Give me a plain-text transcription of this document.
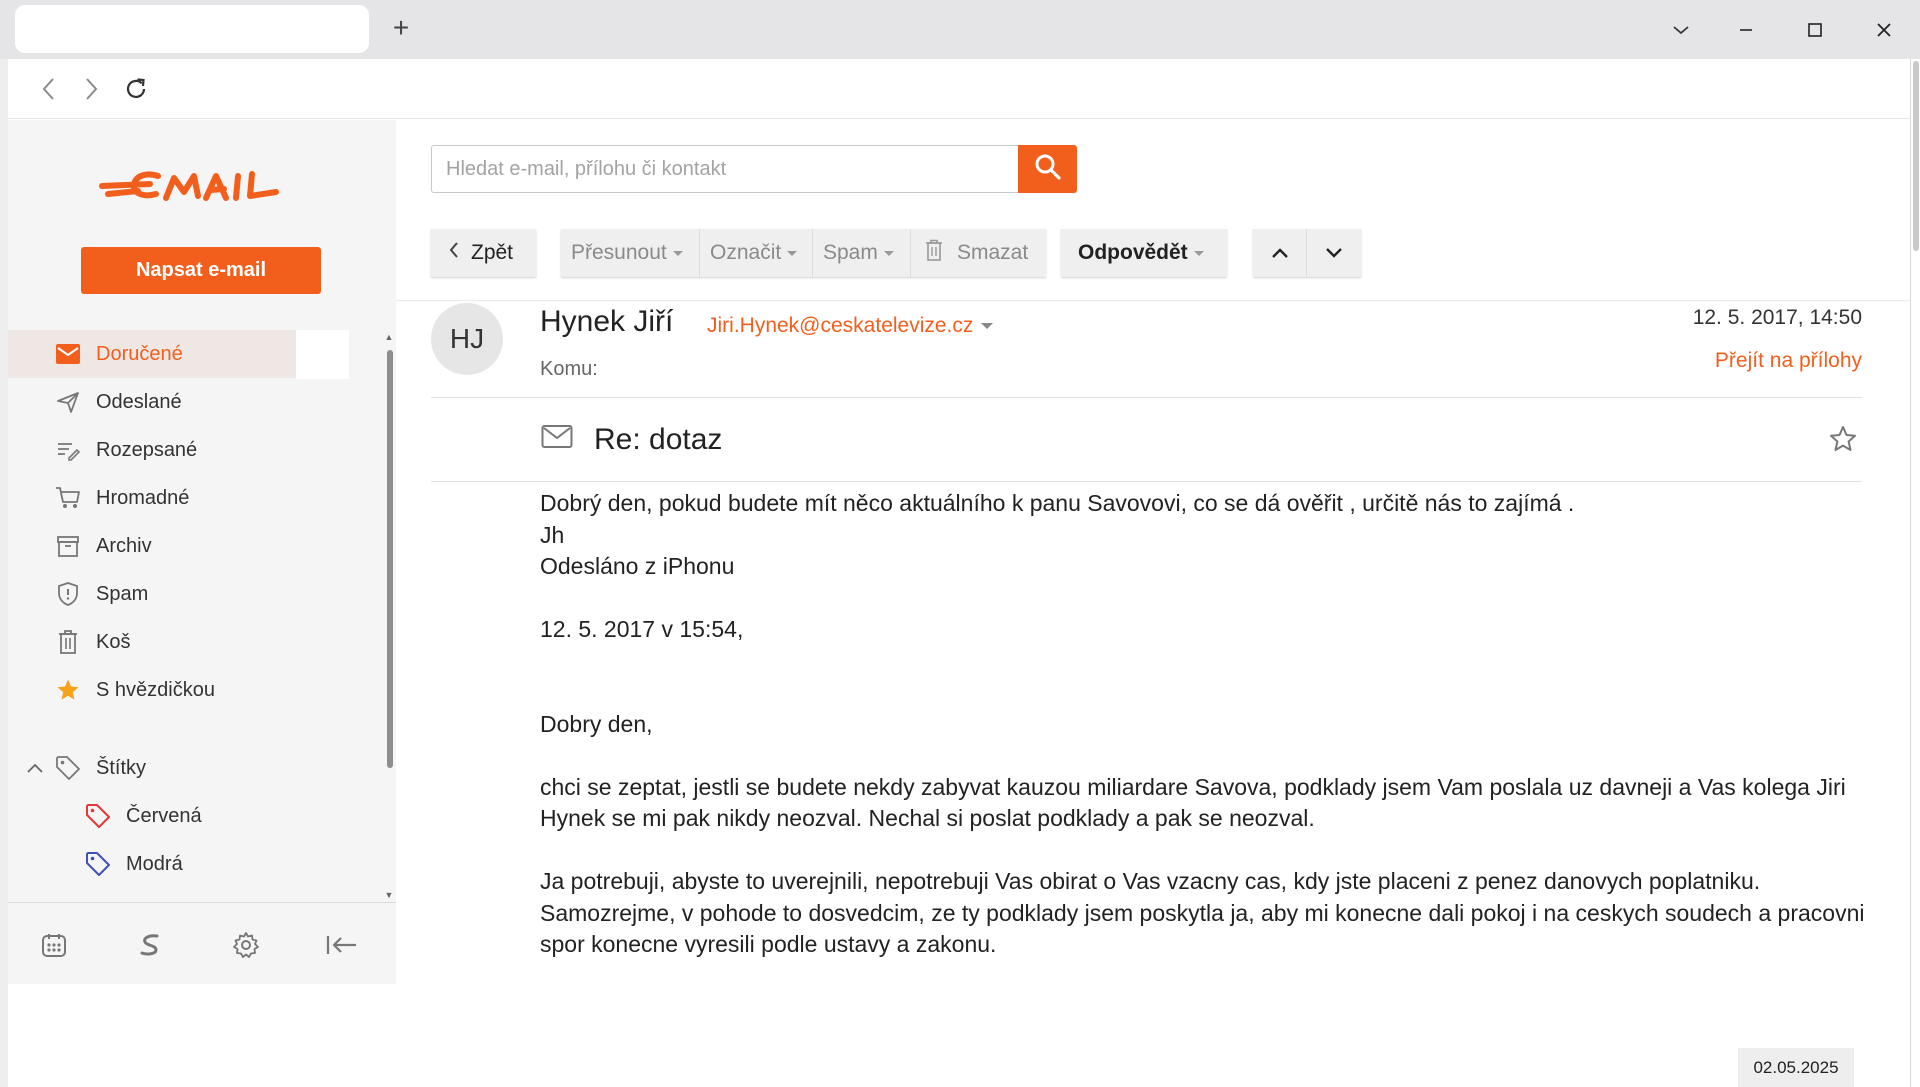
+
Napsat e-mail
Doručené
Odeslané
Rozepsané
Hromadné
Archiv
Spam
Koš
S hvězdičkou
Štítky
Červená
Modrá
▲
▼
Hledat e-mail, přílohu či kontakt
Zpět	Přesunout Označit Spam	Smazat Odpovědět
HJ
Hynek Jiří Jiri.Hynek@ceskatelevize.cz
Komu:
12. 5. 2017, 14:50
Přejít na přílohy
Re: dotaz

Dobrý den, pokud budete mít něco aktuálního k panu Savovovi, co se dá ověřit , určitě nás to zajímá .

Jh

Odesláno z iPhonu

12. 5. 2017 v 15:54,

Dobry den,

chci se zeptat, jestli se budete nekdy zabyvat kauzou miliardare Savova, podklady jsem Vam poslala uz davneji a Vas kolega Jiri Hynek se mi pak nikdy neozval. Nechal si poslat podklady a pak se neozval.

Ja potrebuji, abyste to uverejnili, nepotrebuji Vas obirat o Vas vzacny cas, kdy jste placeni z penez danovych poplatniku. Samozrejme, v pohode to dosvedcim, ze ty podklady jsem poskytla ja, aby mi konecne dali pokoj i na ceskych soudech a pracovni spor konecne vyresili podle ustavy a zakonu.

02.05.2025
